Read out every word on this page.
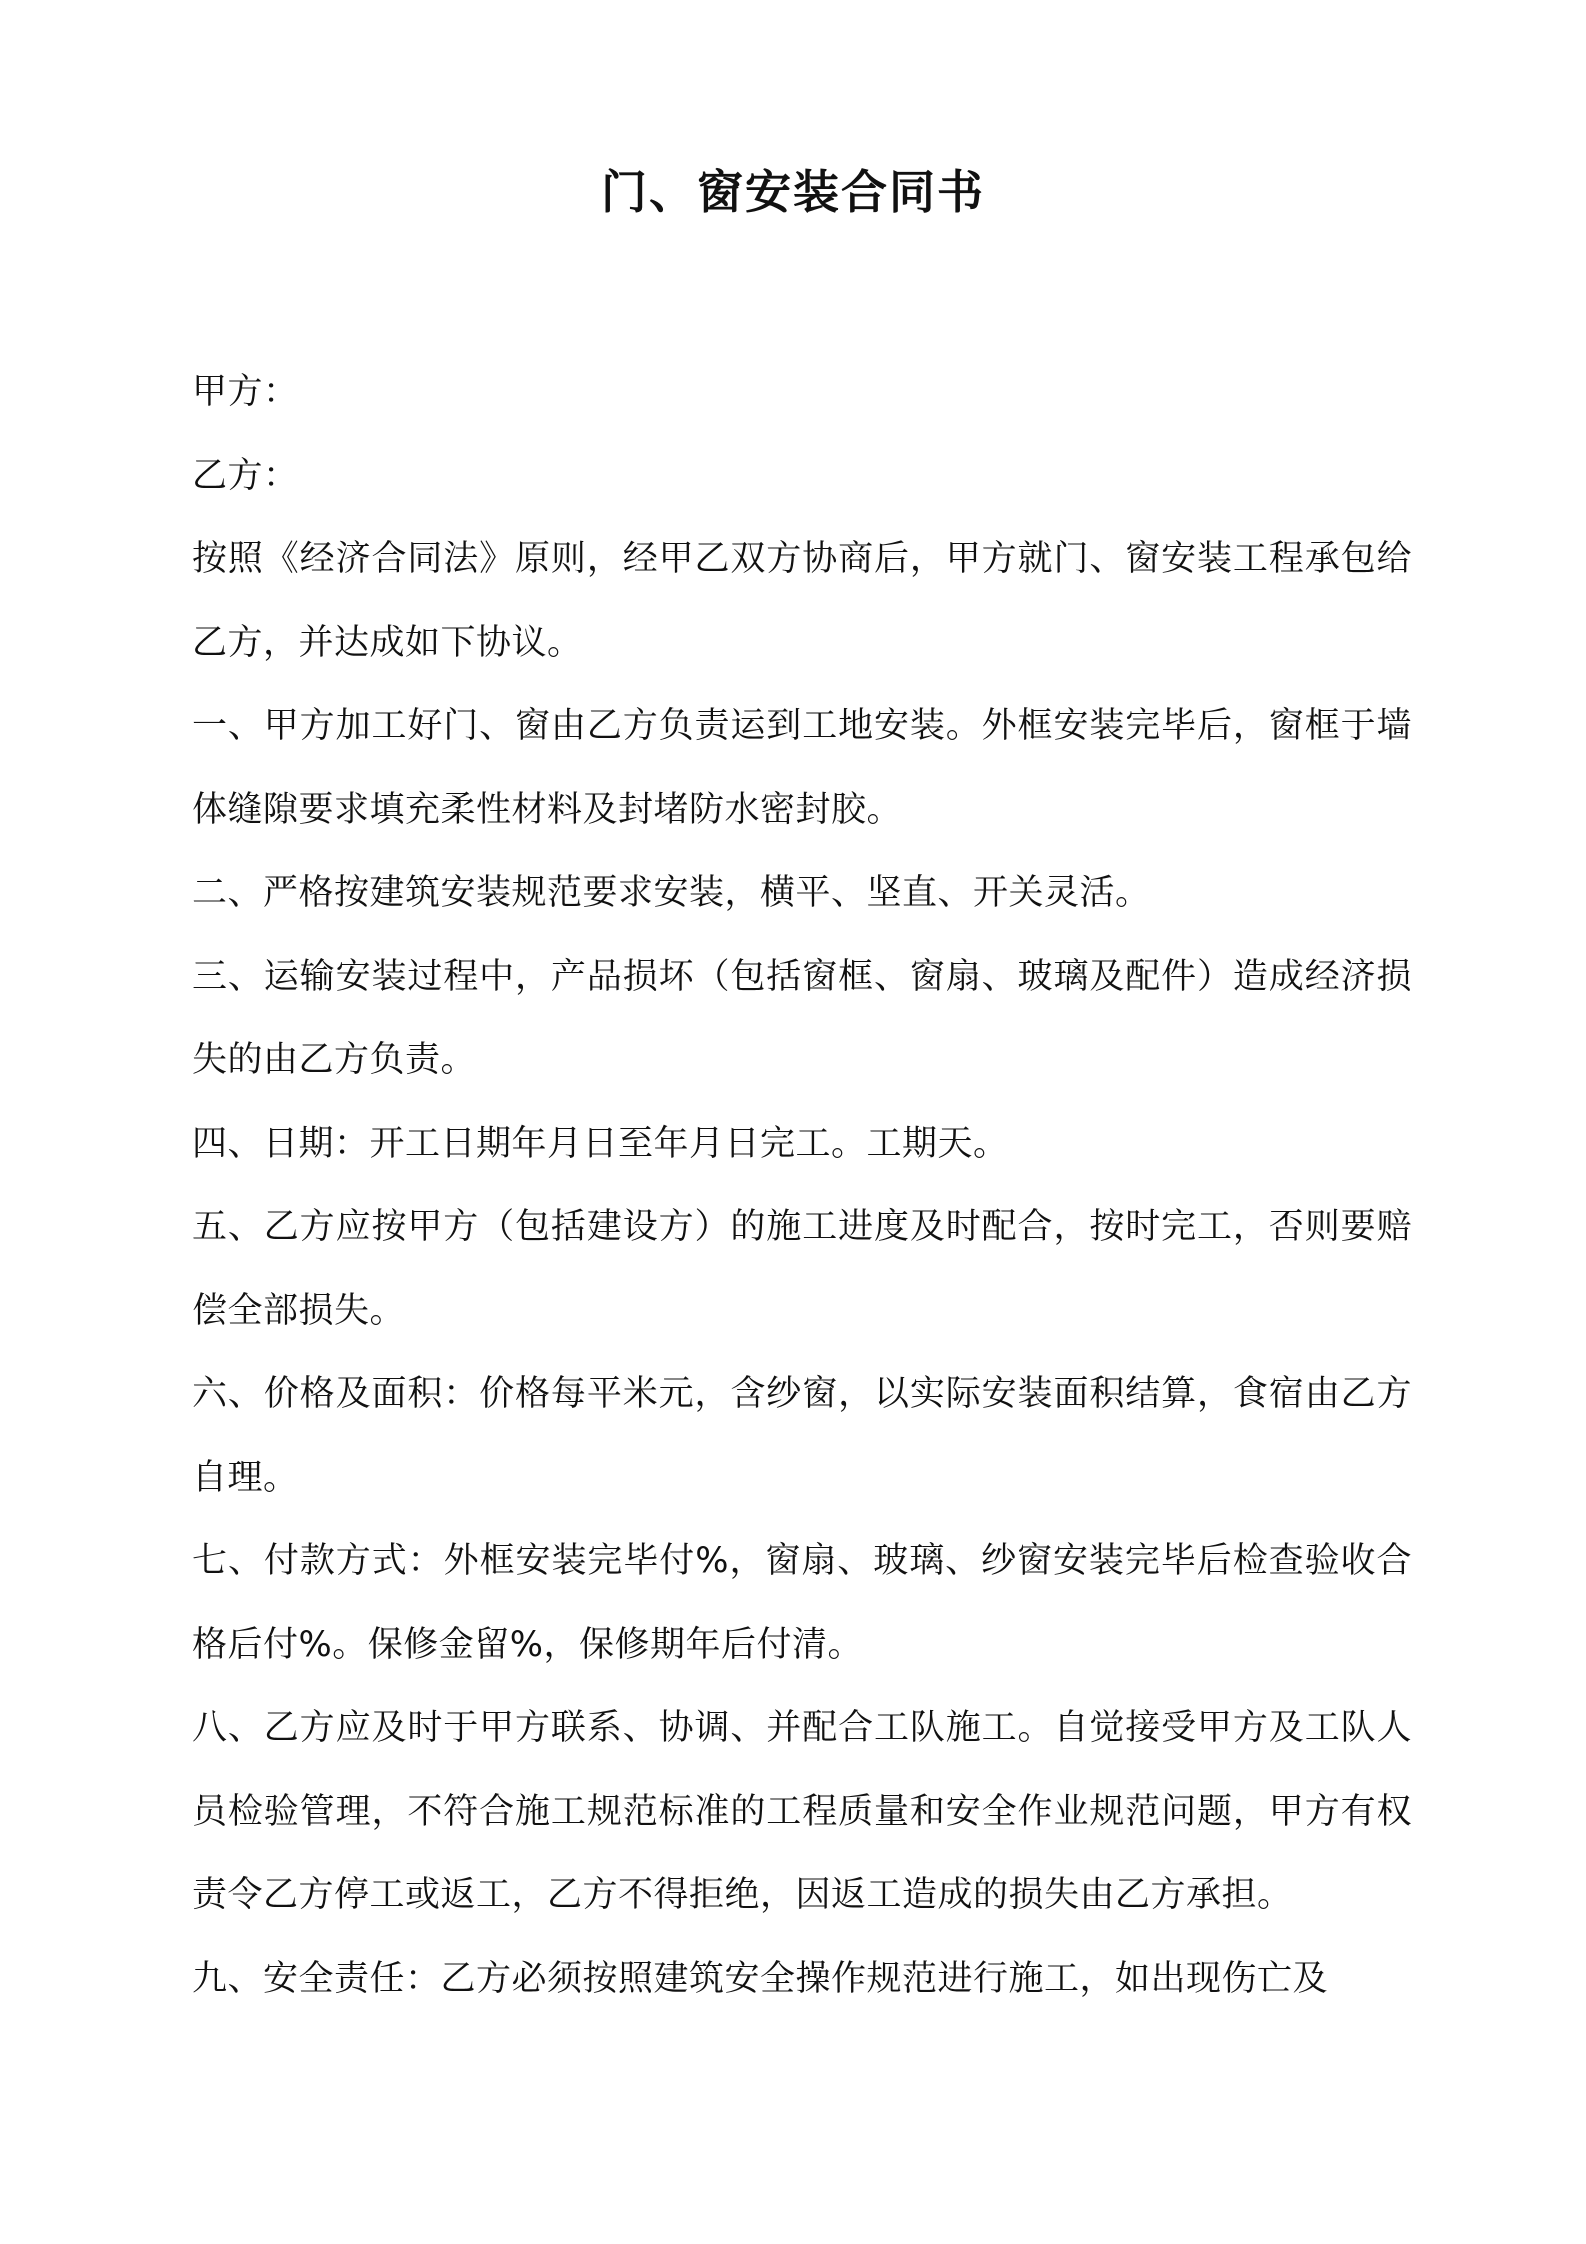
门、窗安装合同书

甲方：

乙方：

按照《经济合同法》原则，经甲乙双方协商后，甲方就门、窗安装工程承包给乙方，并达成如下协议。

一、甲方加工好门、窗由乙方负责运到工地安装。外框安装完毕后，窗框于墙体缝隙要求填充柔性材料及封堵防水密封胶。

二、严格按建筑安装规范要求安装，横平、坚直、开关灵活。

三、运输安装过程中，产品损坏（包括窗框、窗扇、玻璃及配件）造成经济损失的由乙方负责。

四、日期：开工日期年月日至年月日完工。工期天。

五、乙方应按甲方（包括建设方）的施工进度及时配合，按时完工，否则要赔偿全部损失。

六、价格及面积：价格每平米元，含纱窗，以实际安装面积结算，食宿由乙方自理。

七、付款方式：外框安装完毕付%，窗扇、玻璃、纱窗安装完毕后检查验收合格后付%。保修金留%，保修期年后付清。

八、乙方应及时于甲方联系、协调、并配合工队施工。自觉接受甲方及工队人员检验管理，不符合施工规范标准的工程质量和安全作业规范问题，甲方有权责令乙方停工或返工，乙方不得拒绝，因返工造成的损失由乙方承担。

九、安全责任：乙方必须按照建筑安全操作规范进行施工，如出现伤亡及
